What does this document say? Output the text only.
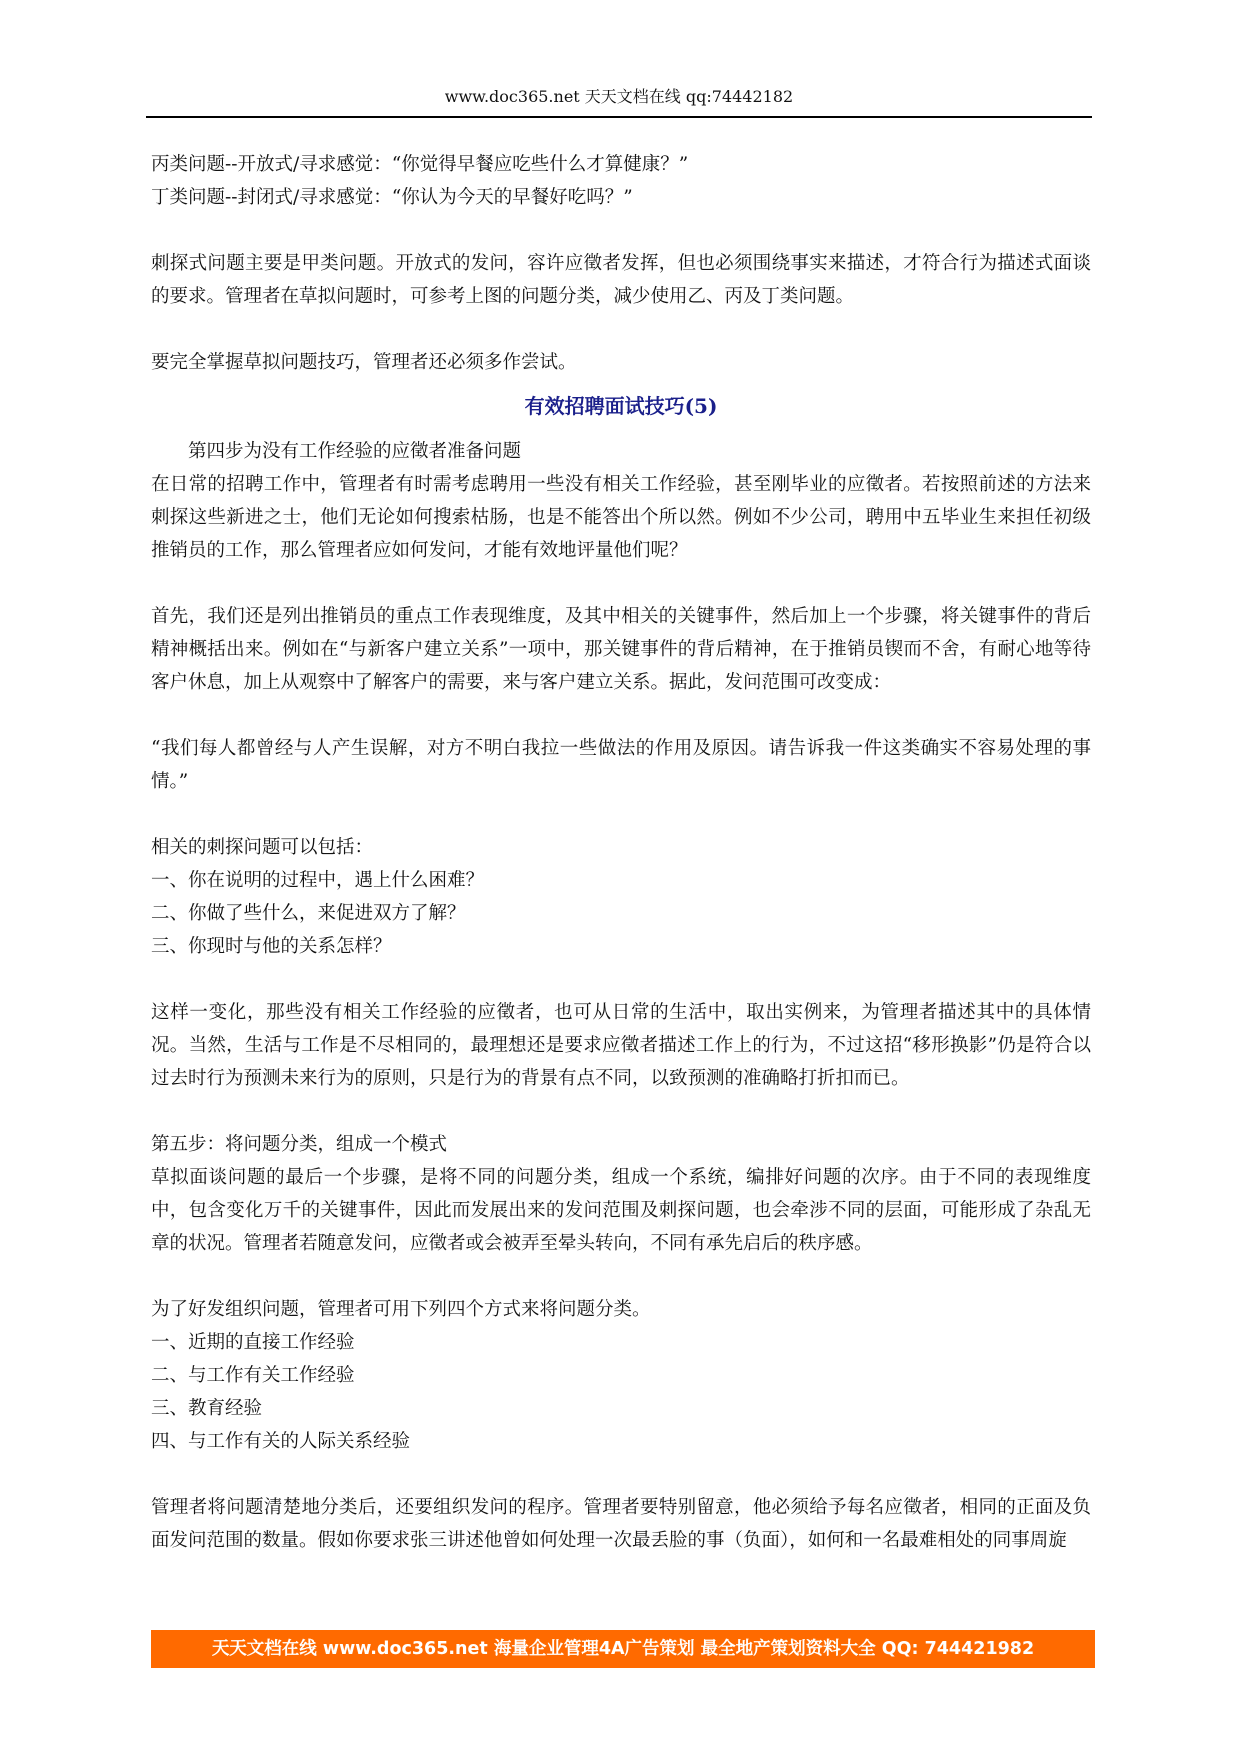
www.doc365.net 天天文档在线 qq:74442182

丙类问题--开放式/寻求感觉：“你觉得早餐应吃些什么才算健康？”

丁类问题--封闭式/寻求感觉：“你认为今天的早餐好吃吗？”

刺探式问题主要是甲类问题。开放式的发问，容许应徵者发挥，但也必须围绕事实来描述，才符合行为描述式面谈的要求。管理者在草拟问题时，可参考上图的问题分类，减少使用乙、丙及丁类问题。

要完全掌握草拟问题技巧，管理者还必须多作尝试。

有效招聘面试技巧(5)

第四步为没有工作经验的应徵者准备问题

在日常的招聘工作中，管理者有时需考虑聘用一些没有相关工作经验，甚至刚毕业的应徵者。若按照前述的方法来刺探这些新进之士，他们无论如何搜索枯肠，也是不能答出个所以然。例如不少公司，聘用中五毕业生来担任初级推销员的工作，那么管理者应如何发问，才能有效地评量他们呢？

首先，我们还是列出推销员的重点工作表现维度，及其中相关的关键事件，然后加上一个步骤，将关键事件的背后精神概括出来。例如在“与新客户建立关系”一项中，那关键事件的背后精神，在于推销员锲而不舍，有耐心地等待客户休息，加上从观察中了解客户的需要，来与客户建立关系。据此，发问范围可改变成：

“我们每人都曾经与人产生误解，对方不明白我拉一些做法的作用及原因。请告诉我一件这类确实不容易处理的事情。”

相关的刺探问题可以包括：

一、你在说明的过程中，遇上什么困难？

二、你做了些什么，来促进双方了解？

三、你现时与他的关系怎样？

这样一变化，那些没有相关工作经验的应徵者，也可从日常的生活中，取出实例来，为管理者描述其中的具体情况。当然，生活与工作是不尽相同的，最理想还是要求应徵者描述工作上的行为，不过这招“移形换影”仍是符合以过去时行为预测未来行为的原则，只是行为的背景有点不同，以致预测的准确略打折扣而已。

第五步：将问题分类，组成一个模式

草拟面谈问题的最后一个步骤，是将不同的问题分类，组成一个系统，编排好问题的次序。由于不同的表现维度中，包含变化万千的关键事件，因此而发展出来的发问范围及刺探问题，也会牵涉不同的层面，可能形成了杂乱无章的状况。管理者若随意发问，应徵者或会被弄至晕头转向，不同有承先启后的秩序感。

为了好发组织问题，管理者可用下列四个方式来将问题分类。

一、近期的直接工作经验

二、与工作有关工作经验

三、教育经验

四、与工作有关的人际关系经验

管理者将问题清楚地分类后，还要组织发问的程序。管理者要特别留意，他必须给予每名应徵者，相同的正面及负面发问范围的数量。假如你要求张三讲述他曾如何处理一次最丢脸的事（负面），如何和一名最难相处的同事周旋

天天文档在线 www.doc365.net 海量企业管理4A广告策划 最全地产策划资料大全 QQ: 744421982
